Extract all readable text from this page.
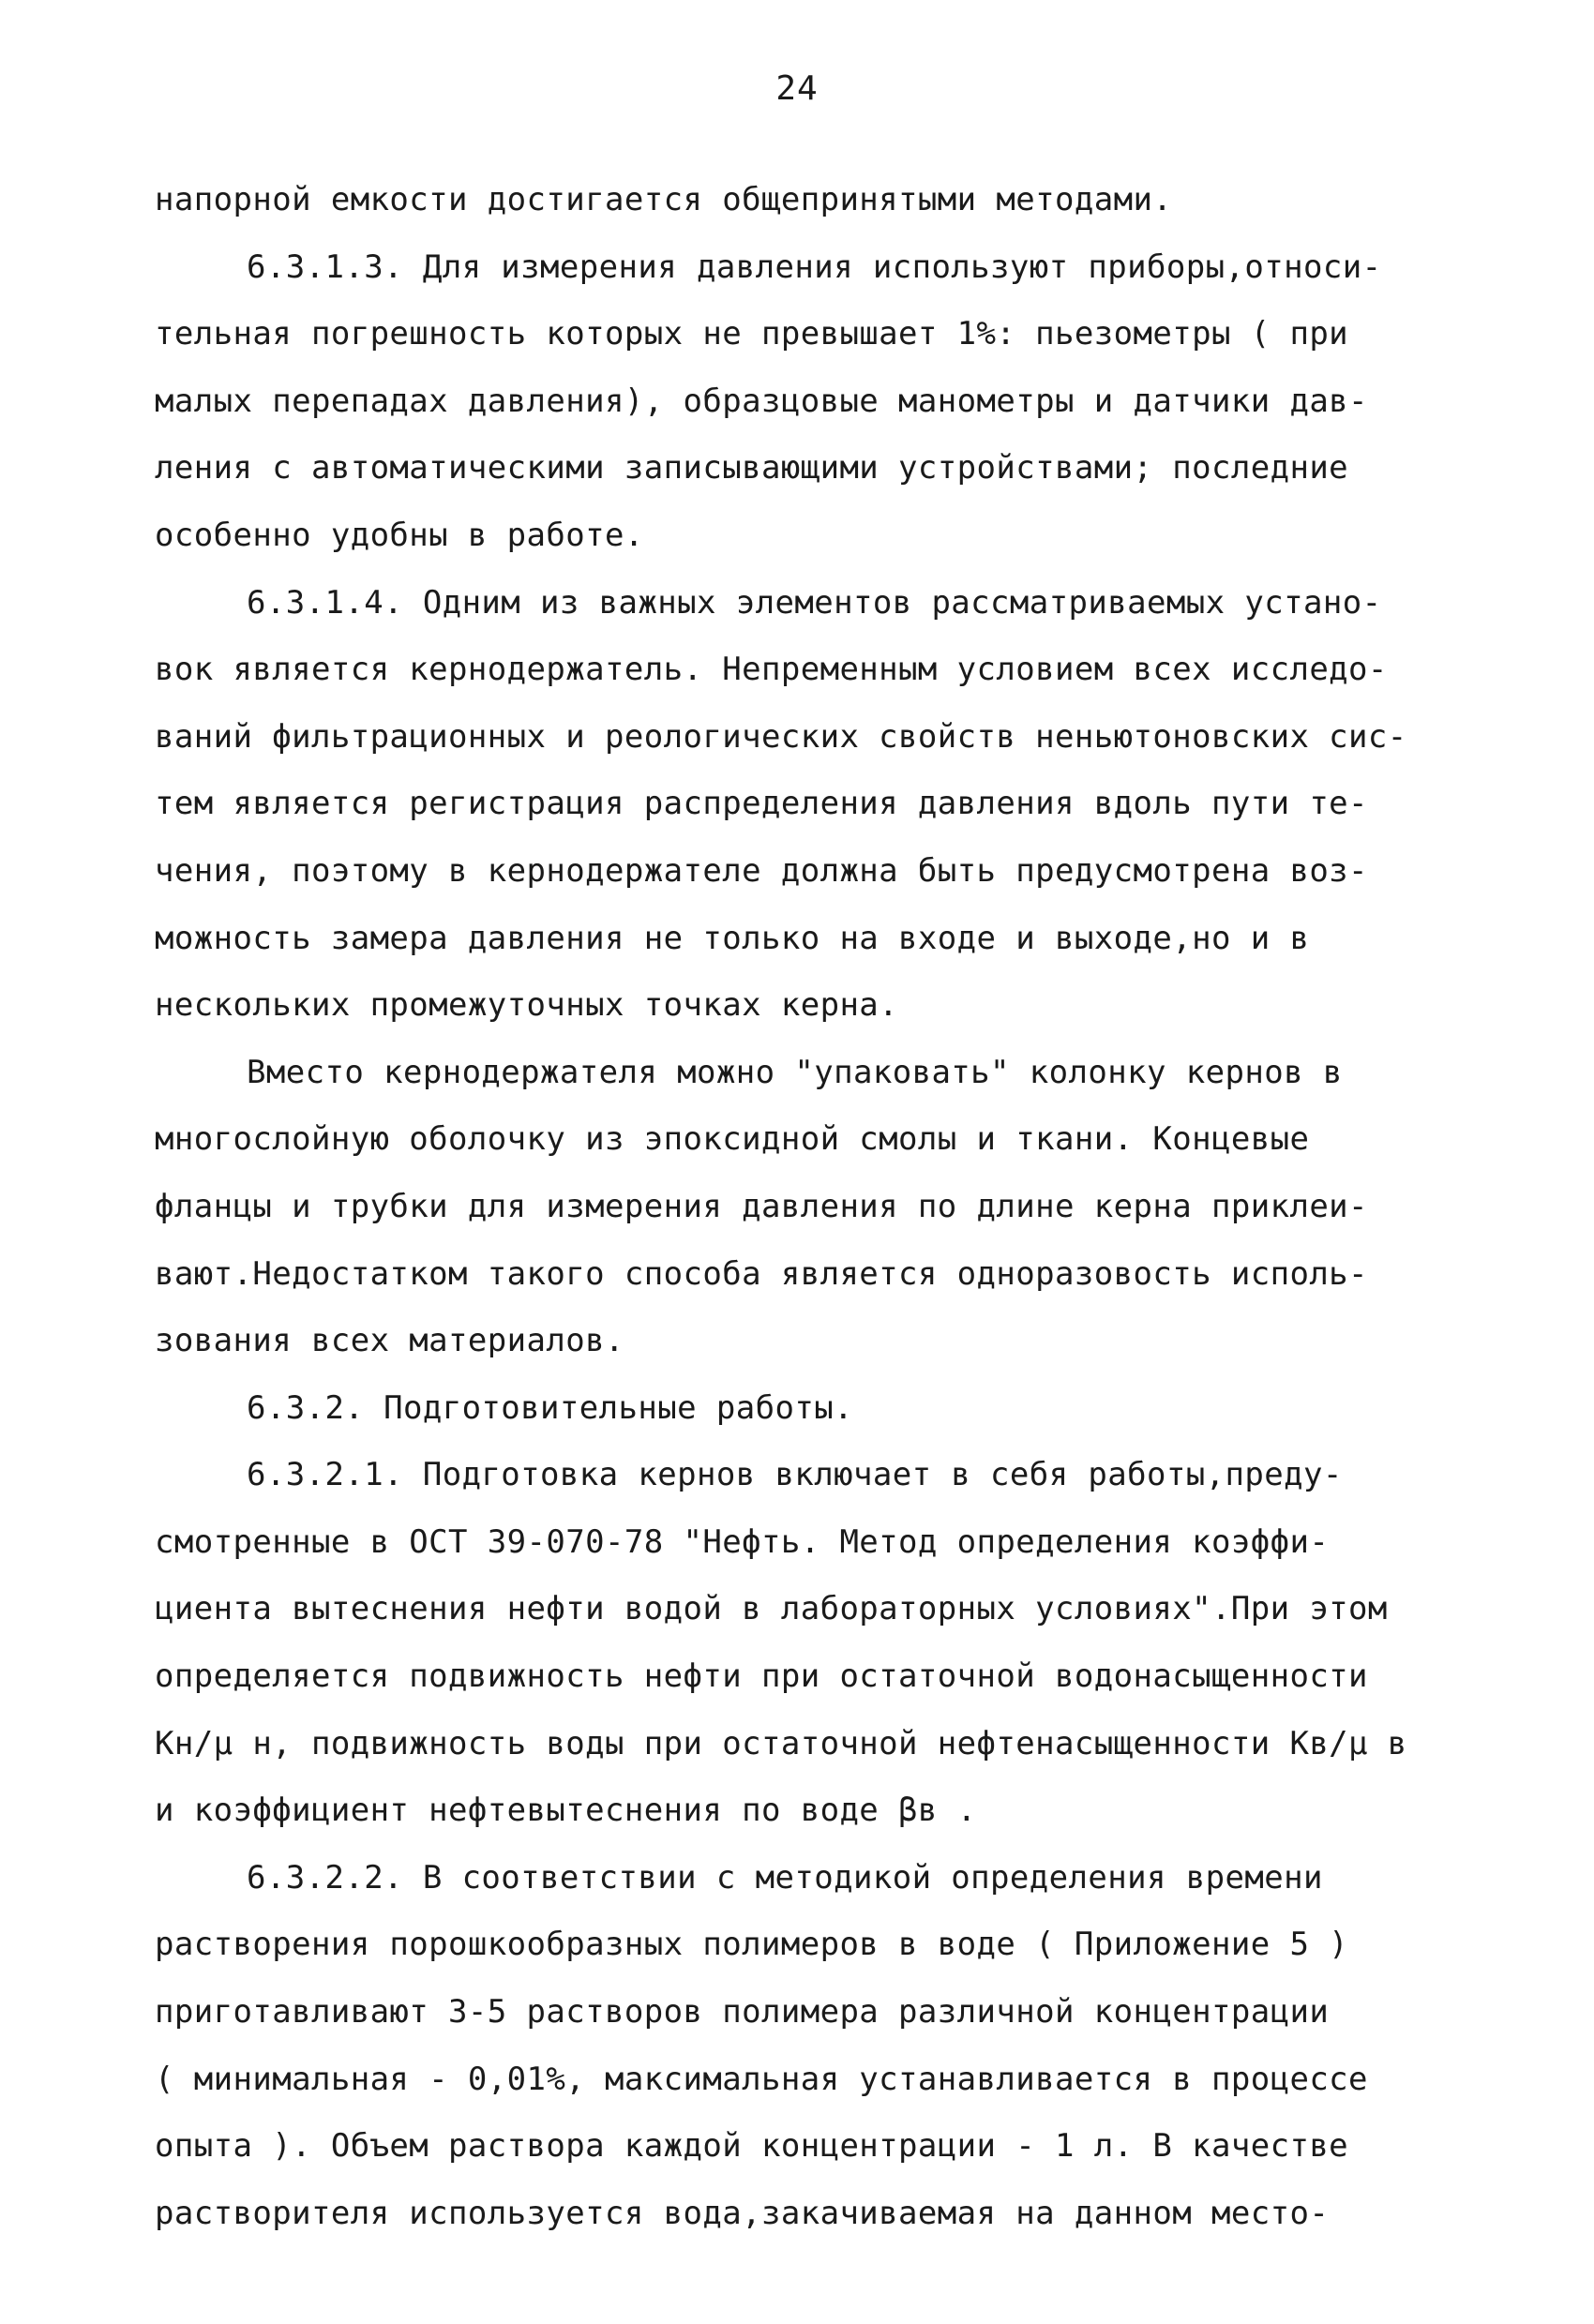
24
напорной емкости достигается общепринятыми методами.
6.3.1.3. Для измерения давления используют приборы,относи-
тельная погрешность которых не превышает 1%: пьезометры ( при
малых перепадах давления), образцовые манометры и датчики дав-
ления с автоматическими записывающими устройствами; последние
особенно удобны в работе.
6.3.1.4. Одним из важных элементов рассматриваемых устано-
вок является кернодержатель. Непременным условием всех исследо-
ваний фильтрационных и реологических свойств неньютоновских сис-
тем является регистрация распределения давления вдоль пути те-
чения, поэтому в кернодержателе должна быть предусмотрена воз-
можность замера давления не только на входе и выходе,но и в
нескольких промежуточных точках керна.
Вместо кернодержателя можно "упаковать" колонку кернов в
многослойную оболочку из эпоксидной смолы и ткани. Концевые
фланцы и трубки для измерения давления по длине керна приклеи-
вают.Недостатком такого способа является одноразовость исполь-
зования всех материалов.
6.3.2. Подготовительные работы.
6.3.2.1. Подготовка кернов включает в себя работы,преду-
смотренные в ОСТ 39-070-78 "Нефть. Метод определения коэффи-
циента вытеснения нефти водой в лабораторных условиях".При этом
определяется подвижность нефти при остаточной водонасыщенности
Кн/μ н, подвижность воды при остаточной нефтенасыщенности Кв/μ в
и коэффициент нефтевытеснения по воде βв .
6.3.2.2. В соответствии с методикой определения времени
растворения порошкообразных полимеров в воде ( Приложение 5 )
приготавливают 3-5 растворов полимера различной концентрации
( минимальная - 0,01%, максимальная устанавливается в процессе
опыта ). Объем раствора каждой концентрации - 1 л. В качестве
растворителя используется вода,закачиваемая на данном место-
